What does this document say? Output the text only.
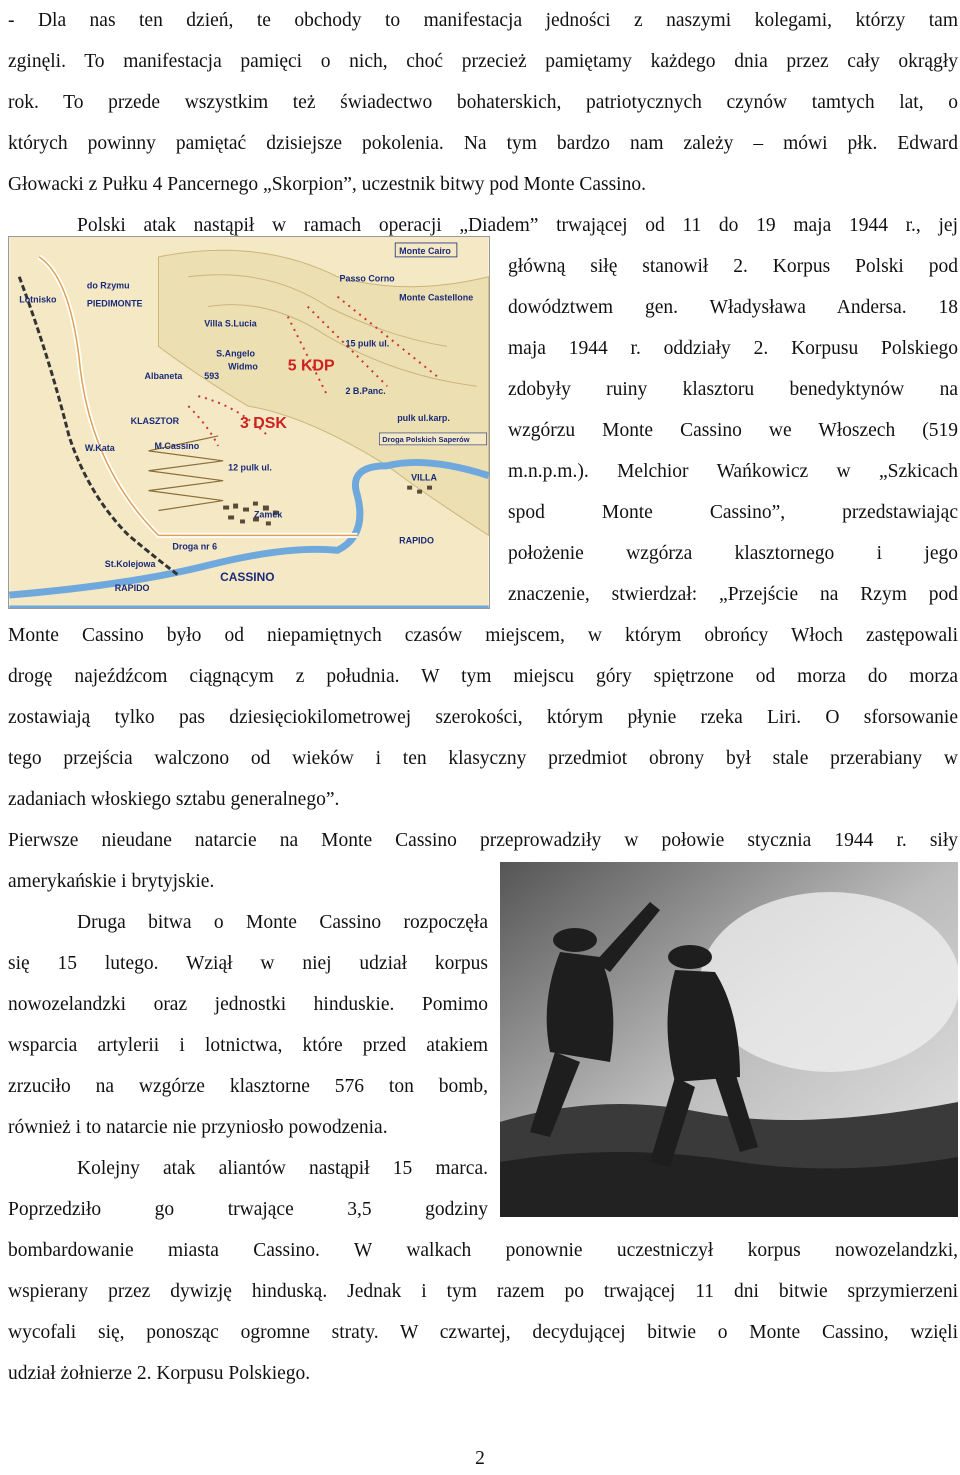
- Dla nas ten dzień, te obchody to manifestacja jedności z naszymi kolegami, którzy tam
zginęli. To manifestacja pamięci o nich, choć przecież pamiętamy każdego dnia przez cały okrągły
rok. To przede wszystkim też świadectwo bohaterskich, patriotycznych czynów tamtych lat, o
których powinny pamiętać dzisiejsze pokolenia. Na tym bardzo nam zależy – mówi płk. Edward
Głowacki z Pułku 4 Pancernego „Skorpion”, uczestnik bitwy pod Monte Cassino.
Polski atak nastąpił w ramach operacji „Diadem” trwającej od 11 do 19 maja 1944 r., jej
główną siłę stanowił 2. Korpus Polski pod
dowództwem gen. Władysława Andersa. 18
maja 1944 r. oddziały 2. Korpusu Polskiego
zdobyły ruiny klasztoru benedyktynów na
wzgórzu Monte Cassino we Włoszech (519
m.n.p.m.). Melchior Wańkowicz w „Szkicach
spod Monte Cassino”, przedstawiając
położenie wzgórza klasztornego i jego
znaczenie, stwierdzał: „Przejście na Rzym pod
Monte Cassino było od niepamiętnych czasów miejscem, w którym obrońcy Włoch zastępowali
drogę najeźdźcom ciągnącym z południa. W tym miejscu góry spiętrzone od morza do morza
zostawiają tylko pas dziesięciokilometrowej szerokości, którym płynie rzeka Liri. O sforsowanie
tego przejścia walczono od wieków i ten klasyczny przedmiot obrony był stale przerabiany w
zadaniach włoskiego sztabu generalnego”.
Pierwsze nieudane natarcie na Monte Cassino przeprowadziły w połowie stycznia 1944 r. siły
amerykańskie i brytyjskie.
Druga bitwa o Monte Cassino rozpoczęła
się 15 lutego. Wziął w niej udział korpus
nowozelandzki oraz jednostki hinduskie. Pomimo
wsparcia artylerii i lotnictwa, które przed atakiem
zrzuciło na wzgórze klasztorne 576 ton bomb,
również i to natarcie nie przyniosło powodzenia.
Kolejny atak aliantów nastąpił 15 marca.
Poprzedziło go trwające 3,5 godziny
bombardowanie miasta Cassino. W walkach ponownie uczestniczył korpus nowozelandzki,
wspierany przez dywizję hinduską. Jednak i tym razem po trwającej 11 dni bitwie sprzymierzeni
wycofali się, ponosząc ogromne straty. W czwartej, decydującej bitwie o Monte Cassino, wzięli
udział żołnierze 2. Korpusu Polskiego.
Monte Cairo
do Rzymu
Lotnisko	PIEDIMONTE
Passo Corno
Monte Castellone
Villa S.Lucia
S.Angelo
Widmo
Albaneta 593
15 pulk ul.
2 B.Panc.
pulk ul.karp.
KLASZTOR
W.Kata	M.Cassino
Droga Polskich Saperów
12 pulk ul.
VILLA
Zamek
Droga nr 6
RAPIDO
St.Kolejowa
CASSINO
RAPIDO
5 KDP
3 DSK
2
